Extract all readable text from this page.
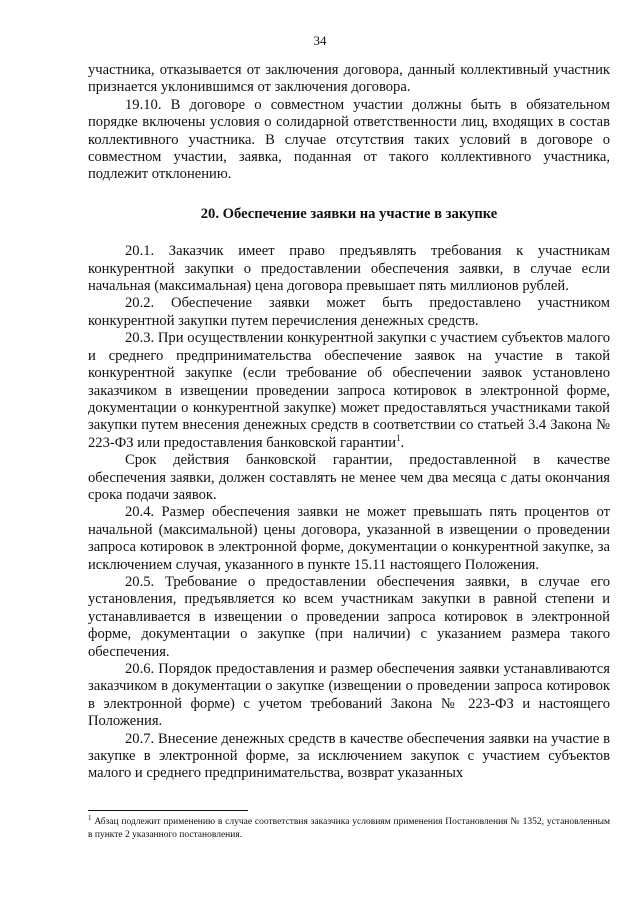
34

участника, отказывается от заключения договора, данный коллективный участник признается уклонившимся от заключения договора.

19.10. В договоре о совместном участии должны быть в обязательном порядке включены условия о солидарной ответственности лиц, входящих в состав коллективного участника. В случае отсутствия таких условий в договоре о совместном участии, заявка, поданная от такого коллективного участника, подлежит отклонению.

20. Обеспечение заявки на участие в закупке

20.1. Заказчик имеет право предъявлять требования к участникам конкурентной закупки о предоставлении обеспечения заявки, в случае если начальная (максимальная) цена договора превышает пять миллионов рублей.

20.2. Обеспечение заявки может быть предоставлено участником конкурентной закупки путем перечисления денежных средств.

20.3. При осуществлении конкурентной закупки с участием субъектов малого и среднего предпринимательства обеспечение заявок на участие в такой конкурентной закупке (если требование об обеспечении заявок установлено заказчиком в извещении проведении запроса котировок в электронной форме, документации о конкурентной закупке) может предоставляться участниками такой закупки путем внесения денежных средств в соответствии со статьей 3.4 Закона № 223-ФЗ или предоставления банковской гарантии$^1$.

Срок действия банковской гарантии, предоставленной в качестве обеспечения заявки, должен составлять не менее чем два месяца с даты окончания срока подачи заявок.

20.4. Размер обеспечения заявки не может превышать пять процентов от начальной (максимальной) цены договора, указанной в извещении о проведении запроса котировок в электронной форме, документации о конкурентной закупке, за исключением случая, указанного в пункте 15.11 настоящего Положения.

20.5. Требование о предоставлении обеспечения заявки, в случае его установления, предъявляется ко всем участникам закупки в равной степени и устанавливается в извещении о проведении запроса котировок в электронной форме, документации о закупке (при наличии) с указанием размера такого обеспечения.

20.6. Порядок предоставления и размер обеспечения заявки устанавливаются заказчиком в документации о закупке (извещении о проведении запроса котировок в электронной форме) с учетом требований Закона № 223-ФЗ и настоящего Положения.

20.7. Внесение денежных средств в качестве обеспечения заявки на участие в закупке в электронной форме, за исключением закупок с участием субъектов малого и среднего предпринимательства, возврат указанных

$^1$ Абзац подлежит применению в случае соответствия заказчика условиям применения Постановления № 1352, установленным в пункте 2 указанного постановления.
